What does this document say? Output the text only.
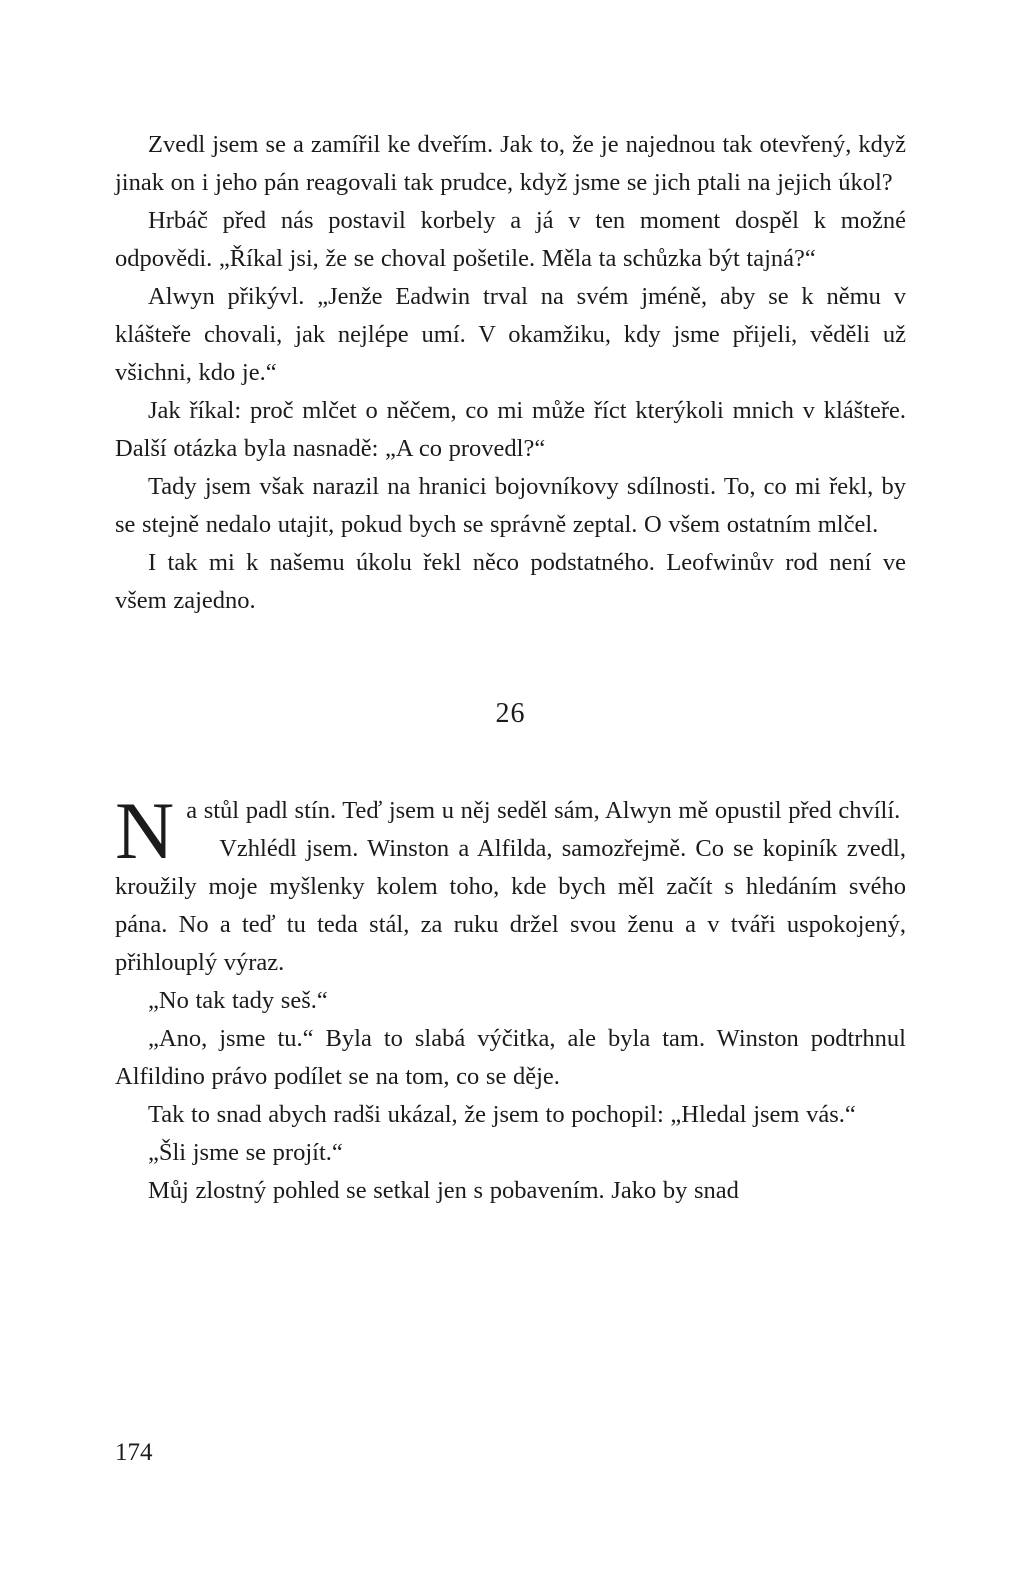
Zvedl jsem se a zamířil ke dveřím. Jak to, že je najednou tak otevřený, když jinak on i jeho pán reagovali tak prudce, když jsme se jich ptali na jejich úkol?

Hrbáč před nás postavil korbely a já v ten moment dospěl k možné odpovědi. „Říkal jsi, že se choval pošetile. Měla ta schůzka být tajná?“

Alwyn přikývl. „Jenže Eadwin trval na svém jméně, aby se k němu v klášteře chovali, jak nejlépe umí. V okamžiku, kdy jsme přijeli, věděli už všichni, kdo je.“

Jak říkal: proč mlčet o něčem, co mi může říct kterýkoli mnich v klášteře. Další otázka byla nasnadě: „A co provedl?“

Tady jsem však narazil na hranici bojovníkovy sdílnosti. To, co mi řekl, by se stejně nedalo utajit, pokud bych se správně zeptal. O všem ostatním mlčel.

I tak mi k našemu úkolu řekl něco podstatného. Leofwinův rod není ve všem zajedno.

26

Na stůl padl stín. Teď jsem u něj seděl sám, Alwyn mě opustil před chvílí.

Vzhlédl jsem. Winston a Alfilda, samozřejmě. Co se kopiník zvedl, kroužily moje myšlenky kolem toho, kde bych měl začít s hledáním svého pána. No a teď tu teda stál, za ruku držel svou ženu a v tváři uspokojený, přihlouplý výraz.

„No tak tady seš.“

„Ano, jsme tu.“ Byla to slabá výčitka, ale byla tam. Winston podtrhnul Alfildino právo podílet se na tom, co se děje.

Tak to snad abych radši ukázal, že jsem to pochopil: „Hledal jsem vás.“

„Šli jsme se projít.“

Můj zlostný pohled se setkal jen s pobavením. Jako by snad

174
